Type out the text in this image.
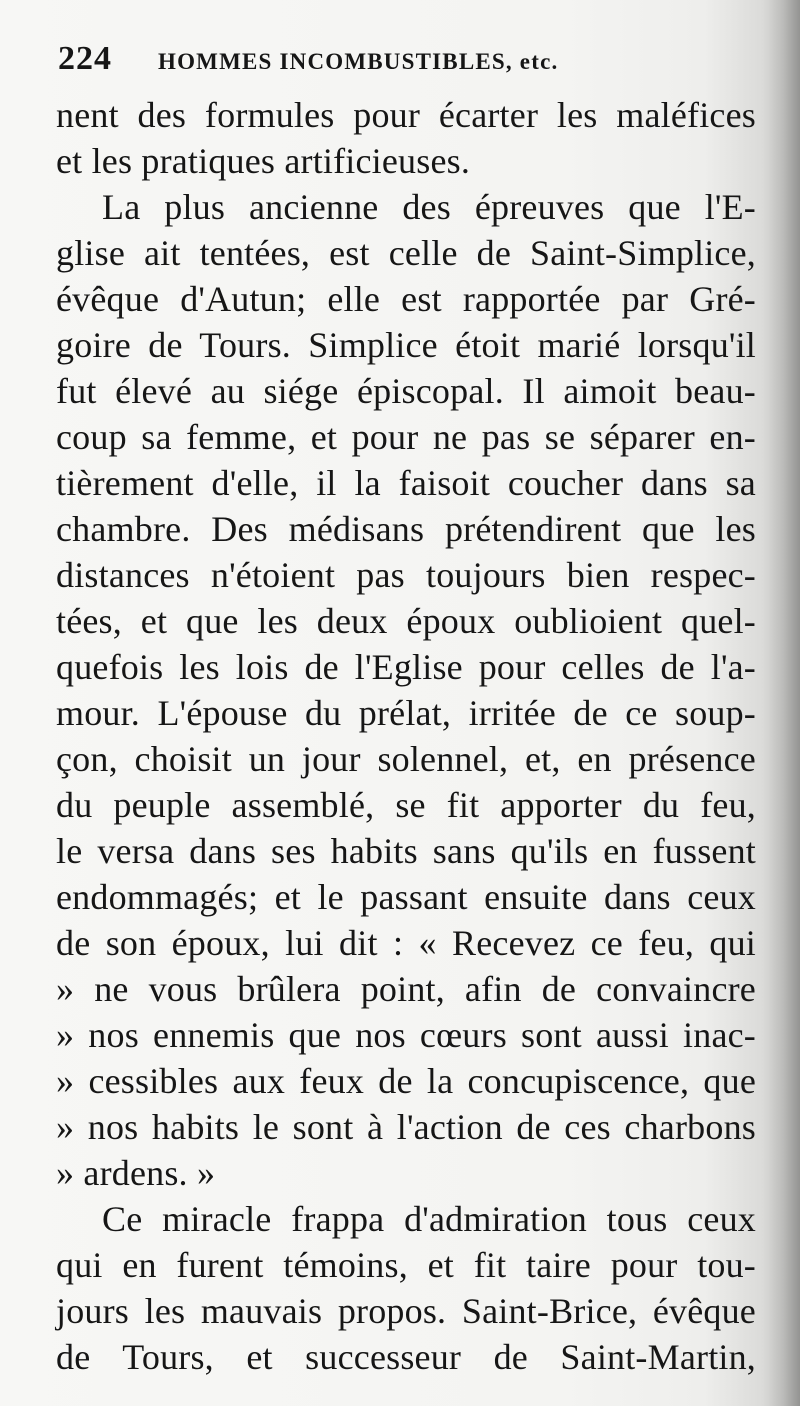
224	HOMMES INCOMBUSTIBLES, etc.
nent des formules pour écarter les maléfices
et les pratiques artificieuses.
La plus ancienne des épreuves que l'E-
glise ait tentées, est celle de Saint-Simplice,
évêque d'Autun; elle est rapportée par Gré-
goire de Tours. Simplice étoit marié lorsqu'il
fut élevé au siége épiscopal. Il aimoit beau-
coup sa femme, et pour ne pas se séparer en-
tièrement d'elle, il la faisoit coucher dans sa
chambre. Des médisans prétendirent que les
distances n'étoient pas toujours bien respec-
tées, et que les deux époux oublioient quel-
quefois les lois de l'Eglise pour celles de l'a-
mour. L'épouse du prélat, irritée de ce soup-
çon, choisit un jour solennel, et, en présence
du peuple assemblé, se fit apporter du feu,
le versa dans ses habits sans qu'ils en fussent
endommagés; et le passant ensuite dans ceux
de son époux, lui dit : « Recevez ce feu, qui
» ne vous brûlera point, afin de convaincre
» nos ennemis que nos cœurs sont aussi inac-
» cessibles aux feux de la concupiscence, que
» nos habits le sont à l'action de ces charbons
» ardens. »
Ce miracle frappa d'admiration tous ceux
qui en furent témoins, et fit taire pour tou-
jours les mauvais propos. Saint-Brice, évêque
de Tours, et successeur de Saint-Martin,
